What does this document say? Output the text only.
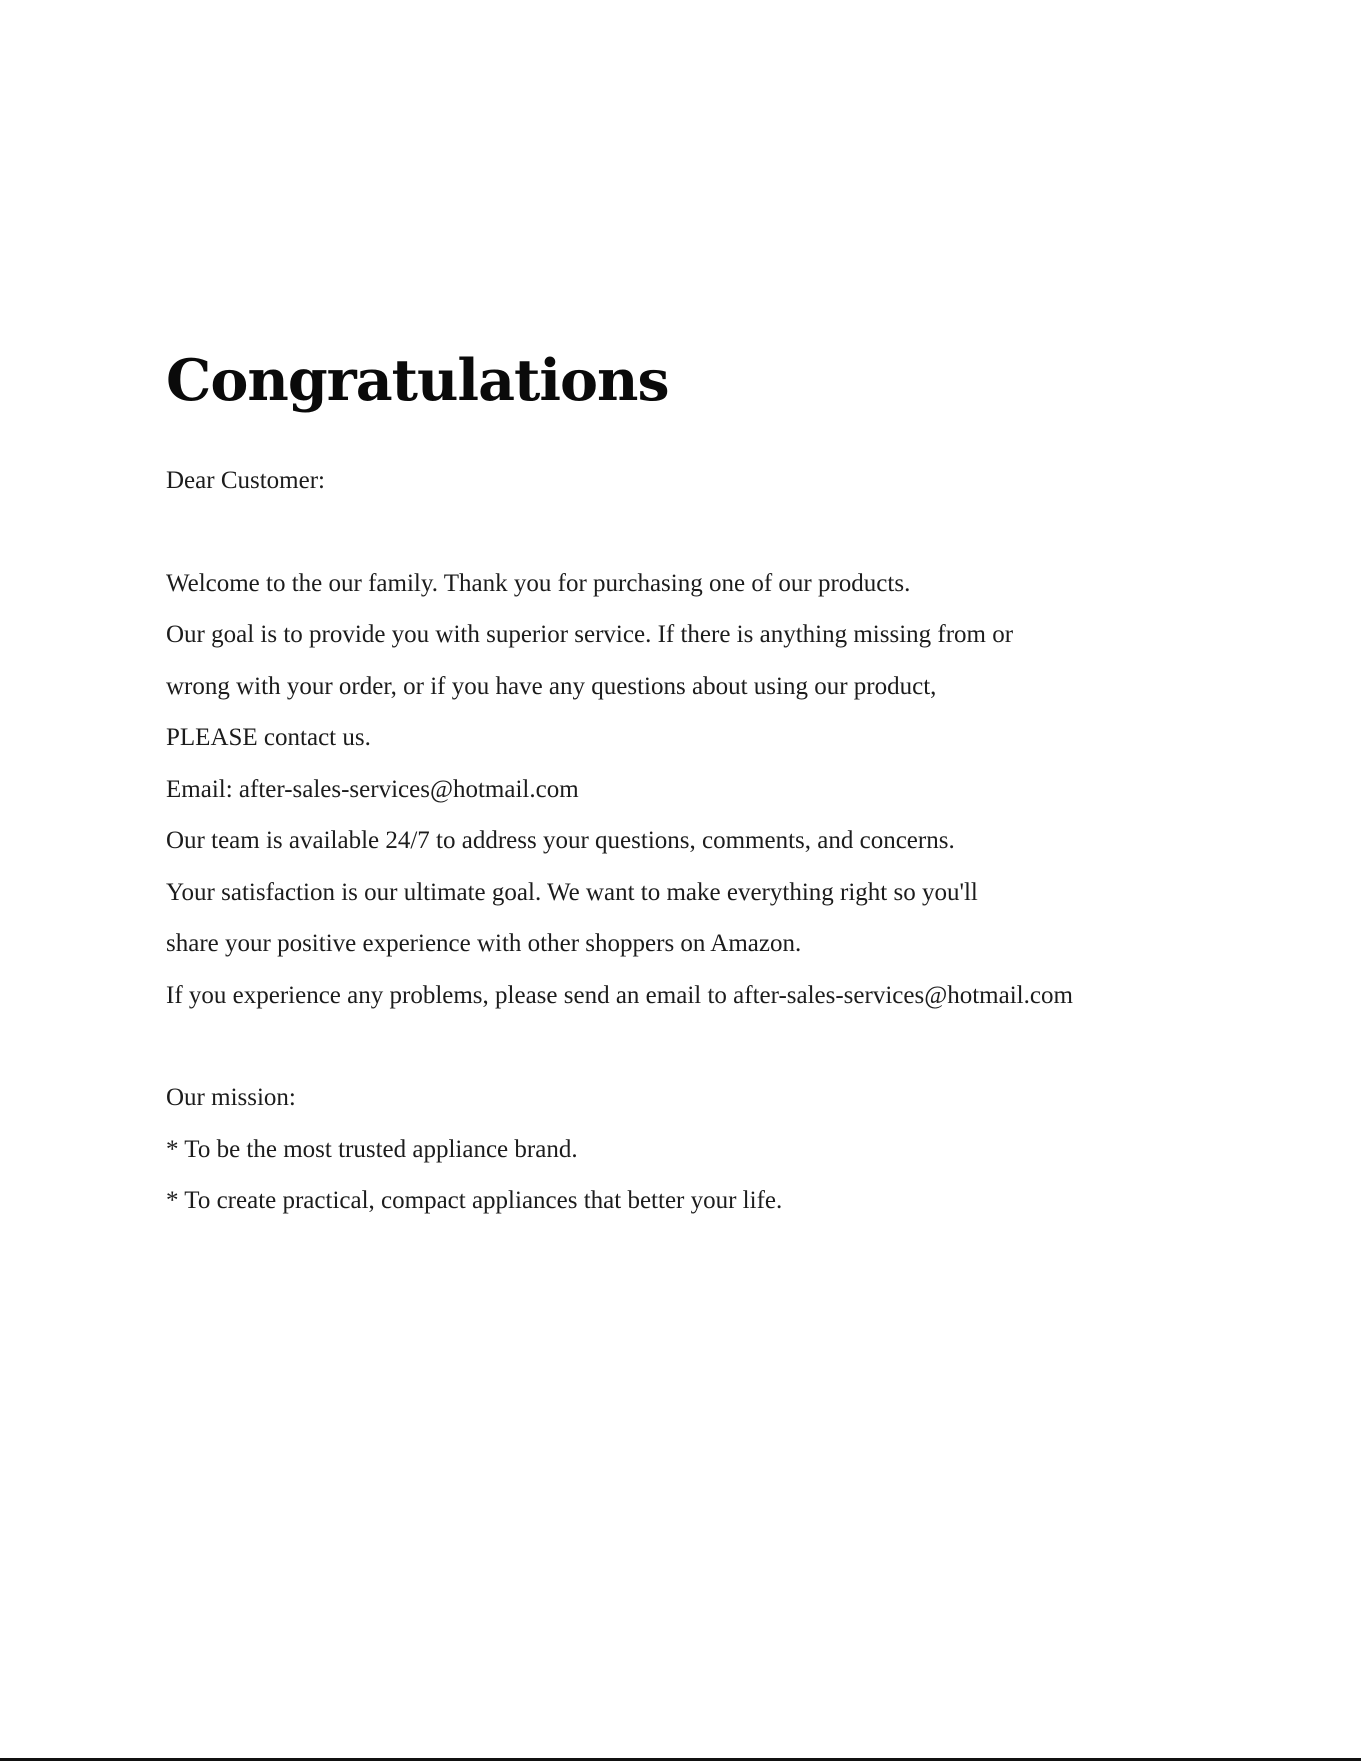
Congratulations

Dear Customer:

Welcome to the our family. Thank you for purchasing one of our products.

Our goal is to provide you with superior service. If there is anything missing from or

wrong with your order, or if you have any questions about using our product,

PLEASE contact us.

Email: after-sales-services@hotmail.com

Our team is available 24/7 to address your questions, comments, and concerns.

Your satisfaction is our ultimate goal. We want to make everything right so you'll

share your positive experience with other shoppers on Amazon.

If you experience any problems, please send an email to after-sales-services@hotmail.com

Our mission:

* To be the most trusted appliance brand.

* To create practical, compact appliances that better your life.
